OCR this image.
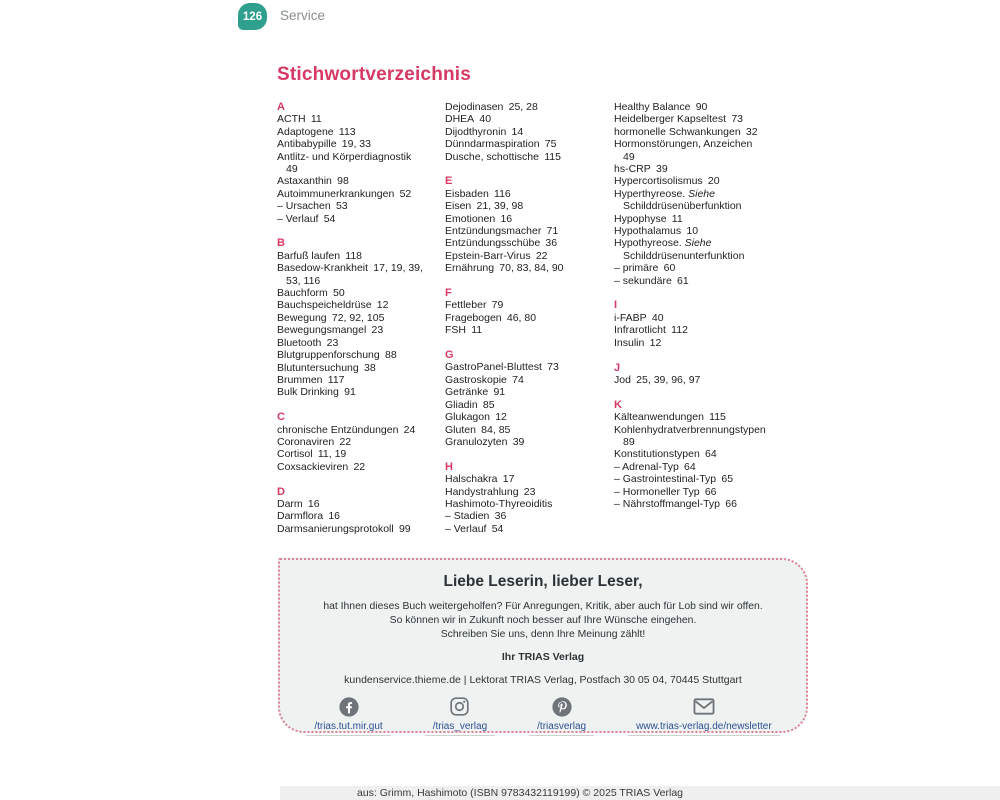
126	Service
Stichwortverzeichnis
A
ACTH 11
Adaptogene 113
Antibabypille 19, 33
Antlitz- und Körperdiagnostik
49
Astaxanthin 98
Autoimmunerkrankungen 52
– Ursachen 53
– Verlauf 54
B
Barfuß laufen 118
Basedow-Krankheit 17, 19, 39,
53, 116
Bauchform 50
Bauchspeicheldrüse 12
Bewegung 72, 92, 105
Bewegungsmangel 23
Bluetooth 23
Blutgruppenforschung 88
Blutuntersuchung 38
Brummen 117
Bulk Drinking 91
C
chronische Entzündungen 24
Coronaviren 22
Cortisol 11, 19
Coxsackieviren 22
D
Darm 16
Darmflora 16
Darmsanierungsprotokoll 99
Dejodinasen 25, 28
DHEA 40
Dijodthyronin 14
Dünndarmaspiration 75
Dusche, schottische 115
E
Eisbaden 116
Eisen 21, 39, 98
Emotionen 16
Entzündungsmacher 71
Entzündungsschübe 36
Epstein-Barr-Virus 22
Ernährung 70, 83, 84, 90
F
Fettleber 79
Fragebogen 46, 80
FSH 11
G
GastroPanel-Bluttest 73
Gastroskopie 74
Getränke 91
Gliadin 85
Glukagon 12
Gluten 84, 85
Granulozyten 39
H
Halschakra 17
Handystrahlung 23
Hashimoto-Thyreoiditis
– Stadien 36
– Verlauf 54
Healthy Balance 90
Heidelberger Kapseltest 73
hormonelle Schwankungen 32
Hormonstörungen, Anzeichen
49
hs-CRP 39
Hypercortisolismus 20
Hyperthyreose. Siehe
Schilddrüsenüberfunktion
Hypophyse 11
Hypothalamus 10
Hypothyreose. Siehe
Schilddrüsenunterfunktion
– primäre 60
– sekundäre 61
I
i-FABP 40
Infrarotlicht 112
Insulin 12
J
Jod 25, 39, 96, 97
K
Kälteanwendungen 115
Kohlenhydratverbrennungstypen
89
Konstitutionstypen 64
– Adrenal-Typ 64
– Gastrointestinal-Typ 65
– Hormoneller Typ 66
– Nährstoffmangel-Typ 66
Liebe Leserin, lieber Leser,
hat Ihnen dieses Buch weitergeholfen? Für Anregungen, Kritik, aber auch für Lob sind wir offen.
So können wir in Zukunft noch besser auf Ihre Wünsche eingehen.
Schreiben Sie uns, denn Ihre Meinung zählt!
Ihr TRIAS Verlag
kundenservice.thieme.de | Lektorat TRIAS Verlag, Postfach 30 05 04, 70445 Stuttgart
/trias.tut.mir.gut	/trias_verlag	/triasverlag	www.trias-verlag.de/newsletter
aus: Grimm, Hashimoto (ISBN 9783432119199) © 2025 TRIAS Verlag
